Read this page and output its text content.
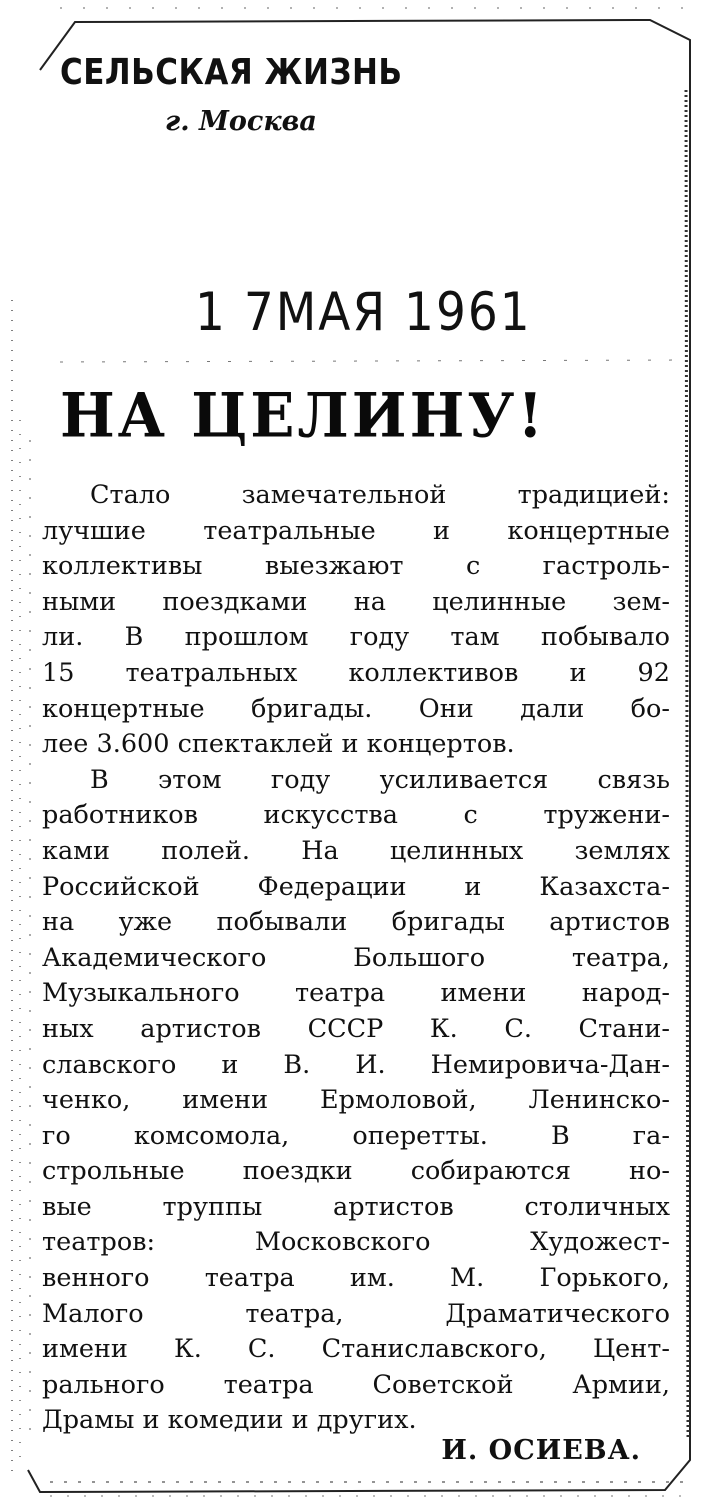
СЕЛЬСКАЯ ЖИЗНЬ
г. Москва
1 7МАЯ 1961
НА ЦЕЛИНУ!

Стало замечательной традицией:
лучшие театральные и концертные
коллективы выезжают с гастроль-
ными поездками на целинные зем-
ли. В прошлом году там побывало
15 театральных коллективов и 92
концертные бригады. Они дали бо-
лее 3.600 спектаклей и концертов.

В этом году усиливается связь
работников искусства с тружени-
ками полей. На целинных землях
Российской Федерации и Казахста-
на уже побывали бригады артистов
Академического Большого театра,
Музыкального театра имени народ-
ных артистов СССР К. С. Стани-
славского и В. И. Немировича-Дан-
ченко, имени Ермоловой, Ленинско-
го комсомола, оперетты. В га-
строльные поездки собираются но-
вые труппы артистов столичных
театров: Московского Художест-
венного театра им. М. Горького,
Малого театра, Драматического
имени К. С. Станиславского, Цент-
рального театра Советской Армии,
Драмы и комедии и других.

И. ОСИЕВА.
